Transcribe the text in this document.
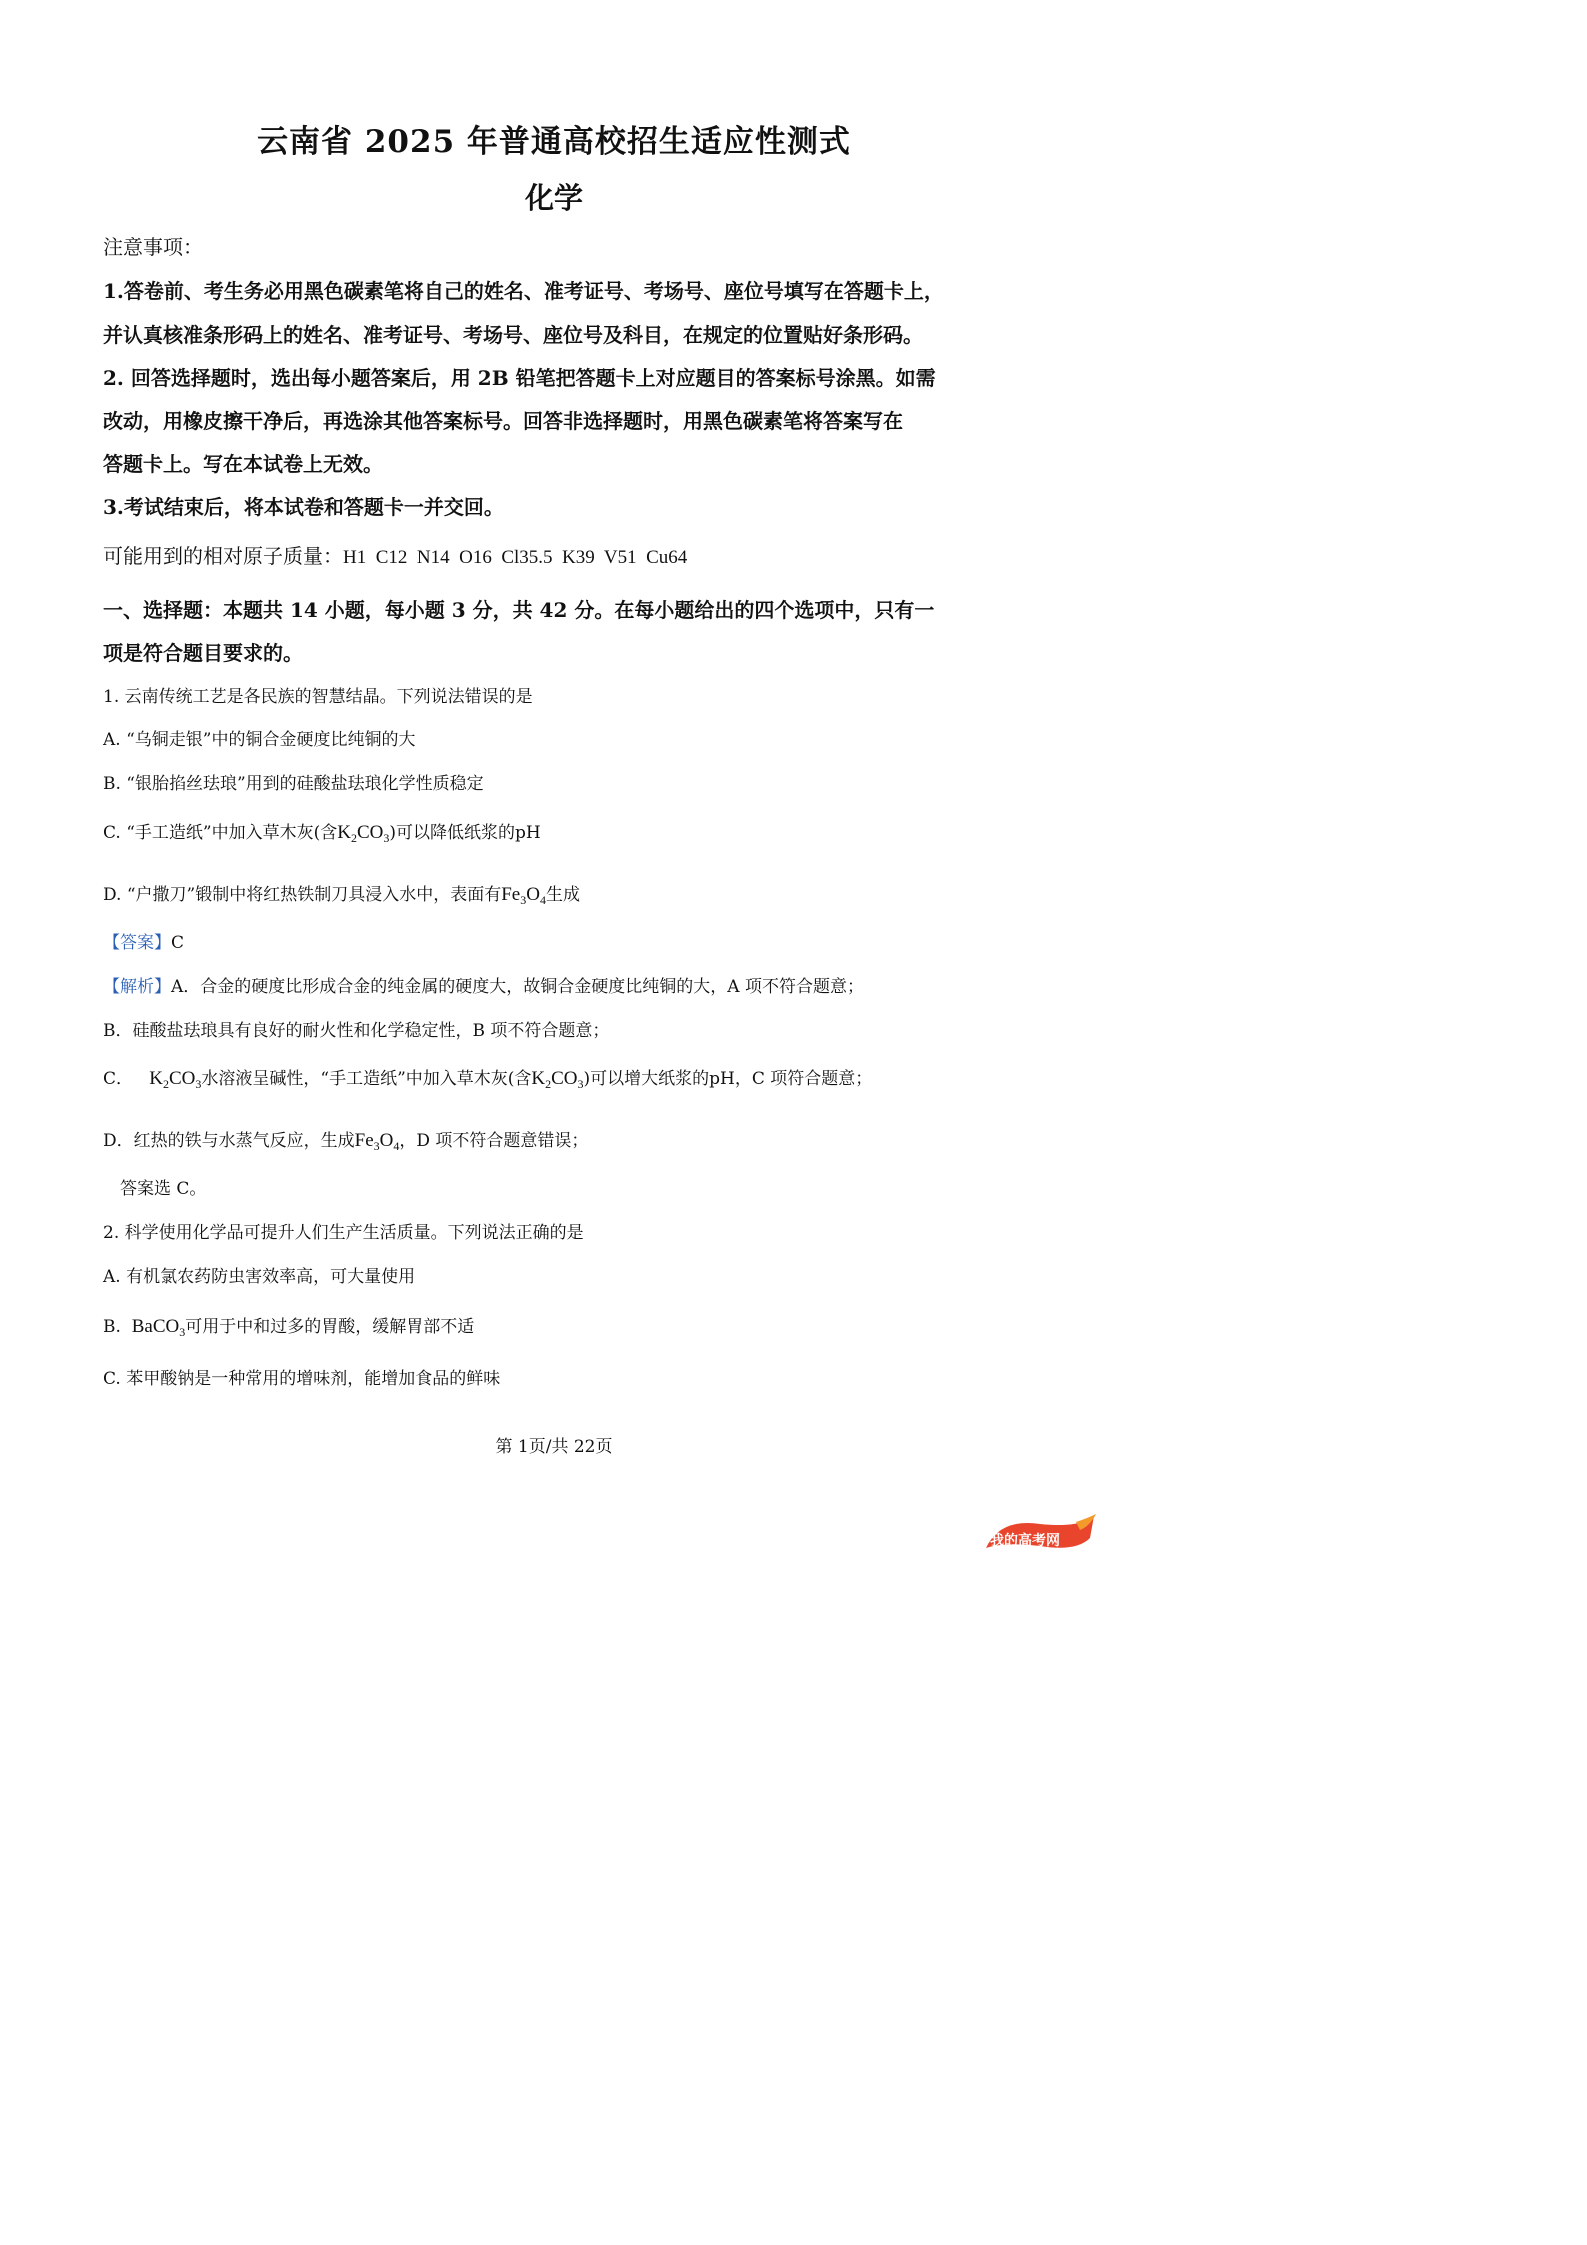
云南省 2025 年普通高校招生适应性测式
化学
注意事项：
1.答卷前、考生务必用黑色碳素笔将自己的姓名、准考证号、考场号、座位号填写在答题卡上，
并认真核准条形码上的姓名、准考证号、考场号、座位号及科目，在规定的位置贴好条形码。
2. 回答选择题时，选出每小题答案后，用 2B 铅笔把答题卡上对应题目的答案标号涂黑。如需
改动，用橡皮擦干净后，再选涂其他答案标号。回答非选择题时，用黑色碳素笔将答案写在
答题卡上。写在本试卷上无效。
3.考试结束后，将本试卷和答题卡一并交回。
可能用到的相对原子质量：H1  C12  N14  O16  Cl35.5  K39  V51  Cu64
一、选择题：本题共 14 小题，每小题 3 分，共 42 分。在每小题给出的四个选项中，只有一
项是符合题目要求的。
1. 云南传统工艺是各民族的智慧结晶。下列说法错误的是
A. “乌铜走银”中的铜合金硬度比纯铜的大
B. “银胎掐丝珐琅”用到的硅酸盐珐琅化学性质稳定
C. “手工造纸”中加入草木灰(含$K_2CO_3$)可以降低纸浆的pH
D. “户撒刀”锻制中将红热铁制刀具浸入水中，表面有$Fe_3O_4$生成
【答案】C
【解析】A．合金的硬度比形成合金的纯金属的硬度大，故铜合金硬度比纯铜的大，A 项不符合题意；
B．硅酸盐珐琅具有良好的耐火性和化学稳定性，B 项不符合题意；
C． $K_2CO_3$水溶液呈碱性，“手工造纸”中加入草木灰(含$K_2CO_3$)可以增大纸浆的pH，C 项符合题意；
D．红热的铁与水蒸气反应，生成$Fe_3O_4$，D 项不符合题意错误；
答案选 C。
2. 科学使用化学品可提升人们生产生活质量。下列说法正确的是
A. 有机氯农药防虫害效率高，可大量使用
B.  BaCO$_3$可用于中和过多的胃酸，缓解胃部不适
C. 苯甲酸钠是一种常用的增味剂，能增加食品的鲜味
第 1页/共 22页
我的高考网
